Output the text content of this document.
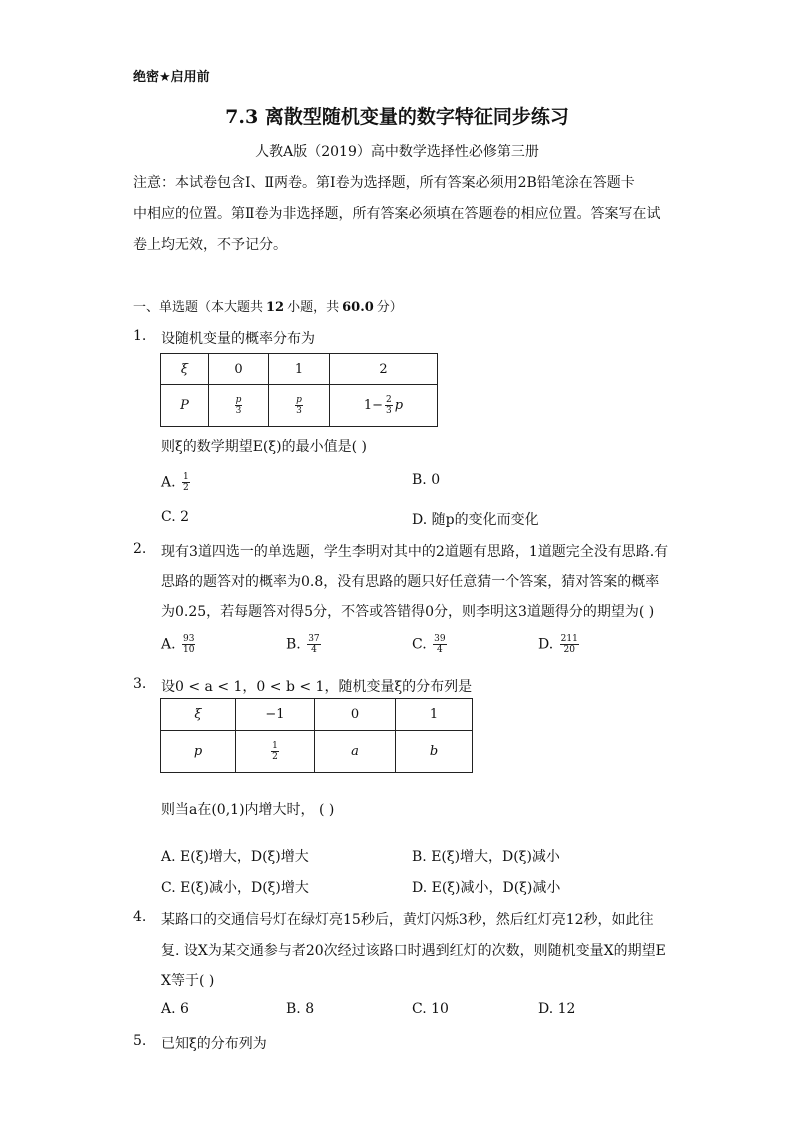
绝密★启用前
7.3 离散型随机变量的数字特征同步练习
人教A版（2019）高中数学选择性必修第三册
注意：本试卷包含Ⅰ、Ⅱ两卷。第Ⅰ卷为选择题，所有答案必须用2B铅笔涂在答题卡
中相应的位置。第Ⅱ卷为非选择题，所有答案必须填在答题卷的相应位置。答案写在试
卷上均无效，不予记分。
一、单选题（本大题共 12 小题，共 60.0 分）
1. 设随机变量的概率分布为
ξ	0	1	2
P	$\frac{p}{3}$	$\frac{p}{3}$	$1- \frac{2}{3}$ p
则ξ的数学期望E(ξ)的最小值是( )
A. $\frac{1}{2}$	B. 0
C. 2	D. 随p的变化而变化
2. 现有3道四选一的单选题，学生李明对其中的2道题有思路，1道题完全没有思路.有
思路的题答对的概率为0.8，没有思路的题只好任意猜一个答案，猜对答案的概率
为0.25，若每题答对得5分，不答或答错得0分，则李明这3道题得分的期望为( )
A. $\frac{93}{10}$	B. $\frac{37}{4}$	C. $\frac{39}{4}$	D. $\frac{211}{20}$
3. 设0 < a < 1，0 < b < 1，随机变量ξ的分布列是
ξ	−1	0	1
p	$\frac{1}{2}$	a	b
则当a在(0,1)内增大时， ( )
A. E(ξ)增大，D(ξ)增大	B. E(ξ)增大，D(ξ)减小
C. E(ξ)减小，D(ξ)增大	D. E(ξ)减小，D(ξ)减小
4. 某路口的交通信号灯在绿灯亮15秒后，黄灯闪烁3秒，然后红灯亮12秒，如此往
复. 设X为某交通参与者20次经过该路口时遇到红灯的次数，则随机变量X的期望E
X等于( )
A. 6	B. 8	C. 10	D. 12
5. 已知ξ的分布列为
